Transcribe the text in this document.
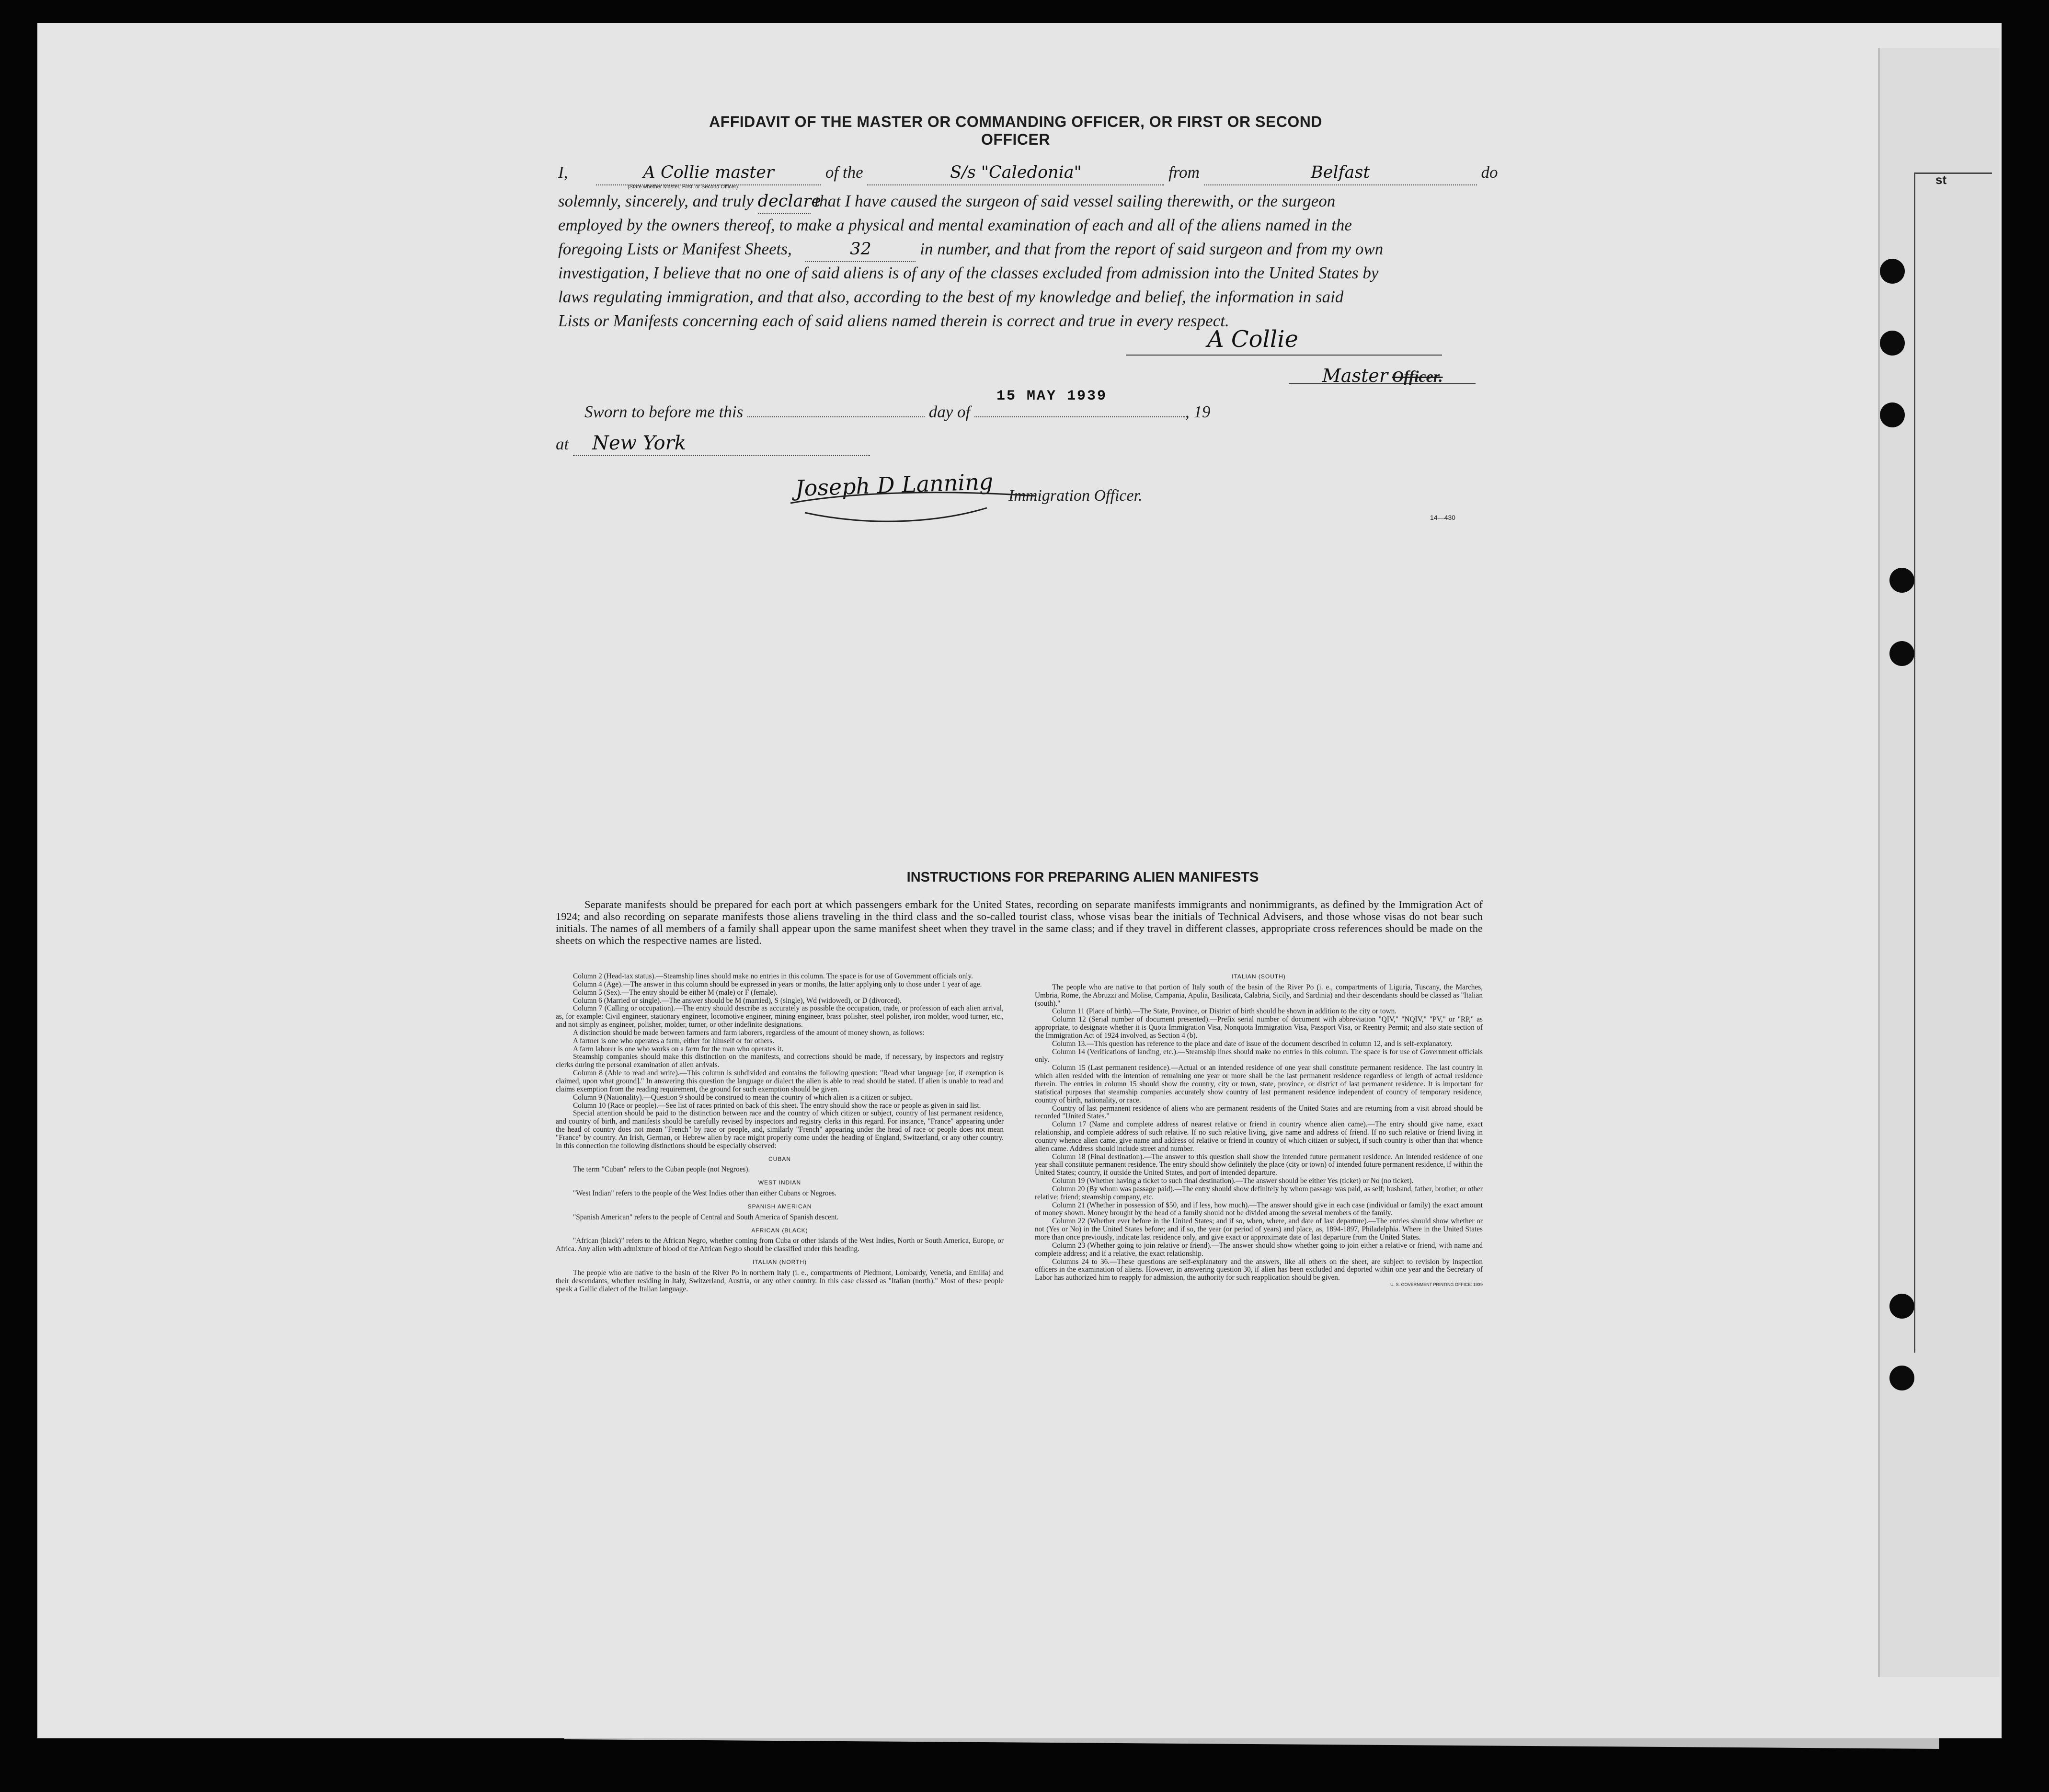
st
AFFIDAVIT OF THE MASTER OR COMMANDING OFFICER, OR FIRST OR SECOND OFFICER
I,	A Collie master	of the	S/s "Caledonia"	from	Belfast	do
(State whether Master, First, or Second Officer)
solemnly, sincerely, and truly declare that I have caused the surgeon of said vessel sailing therewith, or the surgeon
employed by the owners thereof, to make a physical and mental examination of each and all of the aliens named in the
foregoing Lists or Manifest Sheets,	32	in number, and that from the report of said surgeon and from my own
investigation, I believe that no one of said aliens is of any of the classes excluded from admission into the United States by
laws regulating immigration, and that also, according to the best of my knowledge and belief, the information in said
Lists or Manifests concerning each of said aliens named therein is correct and true in every respect.
A Collie
Master Officer.
Sworn to before me this	day of	, 19
15 MAY 1939
at New York
Joseph D Lanning Immigration Officer.
14—430
INSTRUCTIONS FOR PREPARING ALIEN MANIFESTS
Separate manifests should be prepared for each port at which passengers embark for the United States, recording on separate manifests immigrants and nonimmigrants, as defined by the Immigration Act of 1924; and also recording on separate manifests those aliens traveling in the third class and the so-called tourist class, whose visas bear the initials of Technical Advisers, and those whose visas do not bear such initials. The names of all members of a family shall appear upon the same manifest sheet when they travel in the same class; and if they travel in different classes, appropriate cross references should be made on the sheets on which the respective names are listed.

Column 2 (Head-tax status).—Steamship lines should make no entries in this column. The space is for use of Government officials only.

Column 4 (Age).—The answer in this column should be expressed in years or months, the latter applying only to those under 1 year of age.

Column 5 (Sex).—The entry should be either M (male) or F (female).

Column 6 (Married or single).—The answer should be M (married), S (single), Wd (widowed), or D (divorced).

Column 7 (Calling or occupation).—The entry should describe as accurately as possible the occupation, trade, or profession of each alien arrival, as, for example: Civil engineer, stationary engineer, locomotive engineer, mining engineer, brass polisher, steel polisher, iron molder, wood turner, etc., and not simply as engineer, polisher, molder, turner, or other indefinite designations.

A distinction should be made between farmers and farm laborers, regardless of the amount of money shown, as follows:

A farmer is one who operates a farm, either for himself or for others.

A farm laborer is one who works on a farm for the man who operates it.

Steamship companies should make this distinction on the manifests, and corrections should be made, if necessary, by inspectors and registry clerks during the personal examination of alien arrivals.

Column 8 (Able to read and write).—This column is subdivided and contains the following question: "Read what language [or, if exemption is claimed, upon what ground]." In answering this question the language or dialect the alien is able to read should be stated. If alien is unable to read and claims exemption from the reading requirement, the ground for such exemption should be given.

Column 9 (Nationality).—Question 9 should be construed to mean the country of which alien is a citizen or subject.

Column 10 (Race or people).—See list of races printed on back of this sheet. The entry should show the race or people as given in said list.

Special attention should be paid to the distinction between race and the country of which citizen or subject, country of last permanent residence, and country of birth, and manifests should be carefully revised by inspectors and registry clerks in this regard. For instance, "France" appearing under the head of country does not mean "French" by race or people, and, similarly "French" appearing under the head of race or people does not mean "France" by country. An Irish, German, or Hebrew alien by race might properly come under the heading of England, Switzerland, or any other country. In this connection the following distinctions should be especially observed:

CUBAN

The term "Cuban" refers to the Cuban people (not Negroes).

WEST INDIAN

"West Indian" refers to the people of the West Indies other than either Cubans or Negroes.

SPANISH AMERICAN

"Spanish American" refers to the people of Central and South America of Spanish descent.

AFRICAN (BLACK)

"African (black)" refers to the African Negro, whether coming from Cuba or other islands of the West Indies, North or South America, Europe, or Africa. Any alien with admixture of blood of the African Negro should be classified under this heading.

ITALIAN (NORTH)

The people who are native to the basin of the River Po in northern Italy (i. e., compartments of Piedmont, Lombardy, Venetia, and Emilia) and their descendants, whether residing in Italy, Switzerland, Austria, or any other country. In this case classed as "Italian (north)." Most of these people speak a Gallic dialect of the Italian language.

ITALIAN (SOUTH)

The people who are native to that portion of Italy south of the basin of the River Po (i. e., compartments of Liguria, Tuscany, the Marches, Umbria, Rome, the Abruzzi and Molise, Campania, Apulia, Basilicata, Calabria, Sicily, and Sardinia) and their descendants should be classed as "Italian (south)."

Column 11 (Place of birth).—The State, Province, or District of birth should be shown in addition to the city or town.

Column 12 (Serial number of document presented).—Prefix serial number of document with abbreviation "QIV," "NQIV," "PV," or "RP," as appropriate, to designate whether it is Quota Immigration Visa, Nonquota Immigration Visa, Passport Visa, or Reentry Permit; and also state section of the Immigration Act of 1924 involved, as Section 4 (b).

Column 13.—This question has reference to the place and date of issue of the document described in column 12, and is self-explanatory.

Column 14 (Verifications of landing, etc.).—Steamship lines should make no entries in this column. The space is for use of Government officials only.

Column 15 (Last permanent residence).—Actual or an intended residence of one year shall constitute permanent residence. The last country in which alien resided with the intention of remaining one year or more shall be the last permanent residence regardless of length of actual residence therein. The entries in column 15 should show the country, city or town, state, province, or district of last permanent residence. It is important for statistical purposes that steamship companies accurately show country of last permanent residence independent of country of temporary residence, country of birth, nationality, or race.

Country of last permanent residence of aliens who are permanent residents of the United States and are returning from a visit abroad should be recorded "United States."

Column 17 (Name and complete address of nearest relative or friend in country whence alien came).—The entry should give name, exact relationship, and complete address of such relative. If no such relative living, give name and address of friend. If no such relative or friend living in country whence alien came, give name and address of relative or friend in country of which citizen or subject, if such country is other than that whence alien came. Address should include street and number.

Column 18 (Final destination).—The answer to this question shall show the intended future permanent residence. An intended residence of one year shall constitute permanent residence. The entry should show definitely the place (city or town) of intended future permanent residence, if within the United States; country, if outside the United States, and port of intended departure.

Column 19 (Whether having a ticket to such final destination).—The answer should be either Yes (ticket) or No (no ticket).

Column 20 (By whom was passage paid).—The entry should show definitely by whom passage was paid, as self; husband, father, brother, or other relative; friend; steamship company, etc.

Column 21 (Whether in possession of $50, and if less, how much).—The answer should give in each case (individual or family) the exact amount of money shown. Money brought by the head of a family should not be divided among the several members of the family.

Column 22 (Whether ever before in the United States; and if so, when, where, and date of last departure).—The entries should show whether or not (Yes or No) in the United States before; and if so, the year (or period of years) and place, as, 1894-1897, Philadelphia. Where in the United States more than once previously, indicate last residence only, and give exact or approximate date of last departure from the United States.

Column 23 (Whether going to join relative or friend).—The answer should show whether going to join either a relative or friend, with name and complete address; and if a relative, the exact relationship.

Columns 24 to 36.—These questions are self-explanatory and the answers, like all others on the sheet, are subject to revision by inspection officers in the examination of aliens. However, in answering question 30, if alien has been excluded and deported within one year and the Secretary of Labor has authorized him to reapply for admission, the authority for such reapplication should be given.

U. S. GOVERNMENT PRINTING OFFICE: 1939
